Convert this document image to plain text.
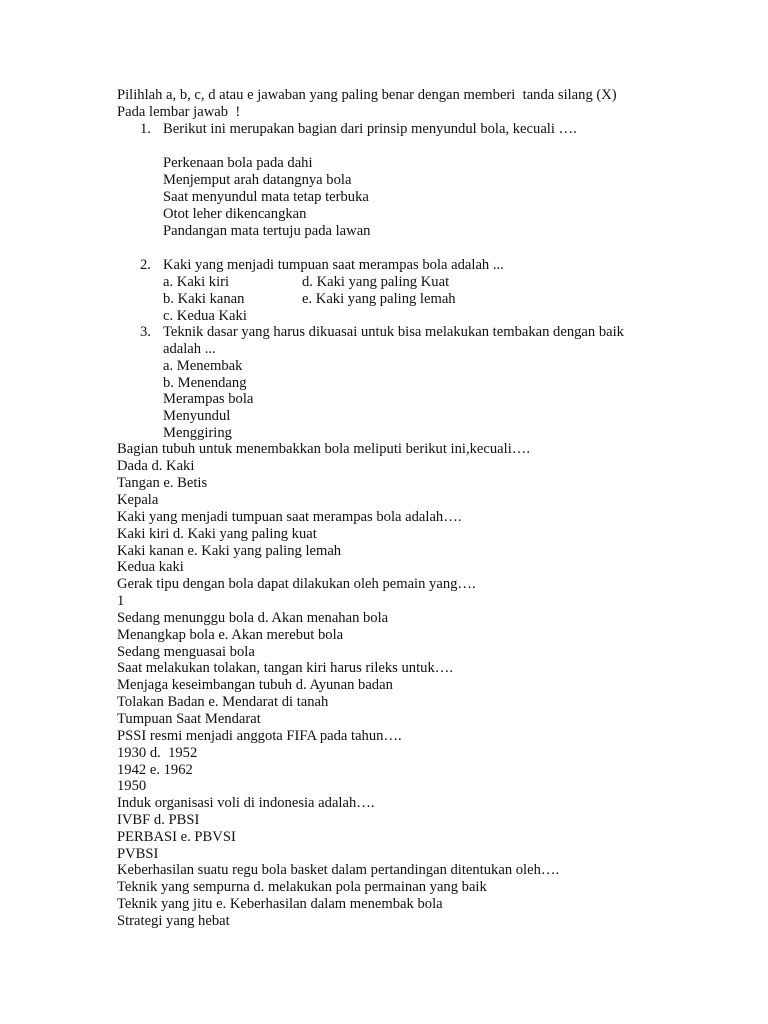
Pilihlah a, b, c, d atau e jawaban yang paling benar dengan memberi  tanda silang (X)
Pada lembar jawab  !
1. Berikut ini merupakan bagian dari prinsip menyundul bola, kecuali ….
Perkenaan bola pada dahi
Menjemput arah datangnya bola
Saat menyundul mata tetap terbuka
Otot leher dikencangkan
Pandangan mata tertuju pada lawan
2. Kaki yang menjadi tumpuan saat merampas bola adalah ...
a. Kaki kiri	d. Kaki yang paling Kuat
b. Kaki kanan	e. Kaki yang paling lemah
c. Kedua Kaki
3. Teknik dasar yang harus dikuasai untuk bisa melakukan tembakan dengan baik
adalah ...
a. Menembak
b. Menendang
Merampas bola
Menyundul
Menggiring
Bagian tubuh untuk menembakkan bola meliputi berikut ini,kecuali….
Dada d. Kaki
Tangan e. Betis
Kepala
Kaki yang menjadi tumpuan saat merampas bola adalah….
Kaki kiri d. Kaki yang paling kuat
Kaki kanan e. Kaki yang paling lemah
Kedua kaki
Gerak tipu dengan bola dapat dilakukan oleh pemain yang….
1
Sedang menunggu bola d. Akan menahan bola
Menangkap bola e. Akan merebut bola
Sedang menguasai bola
Saat melakukan tolakan, tangan kiri harus rileks untuk….
Menjaga keseimbangan tubuh d. Ayunan badan
Tolakan Badan e. Mendarat di tanah
Tumpuan Saat Mendarat
PSSI resmi menjadi anggota FIFA pada tahun….
1930 d.  1952
1942 e. 1962
1950
Induk organisasi voli di indonesia adalah….
IVBF d. PBSI
PERBASI e. PBVSI
PVBSI
Keberhasilan suatu regu bola basket dalam pertandingan ditentukan oleh….
Teknik yang sempurna d. melakukan pola permainan yang baik
Teknik yang jitu e. Keberhasilan dalam menembak bola
Strategi yang hebat
